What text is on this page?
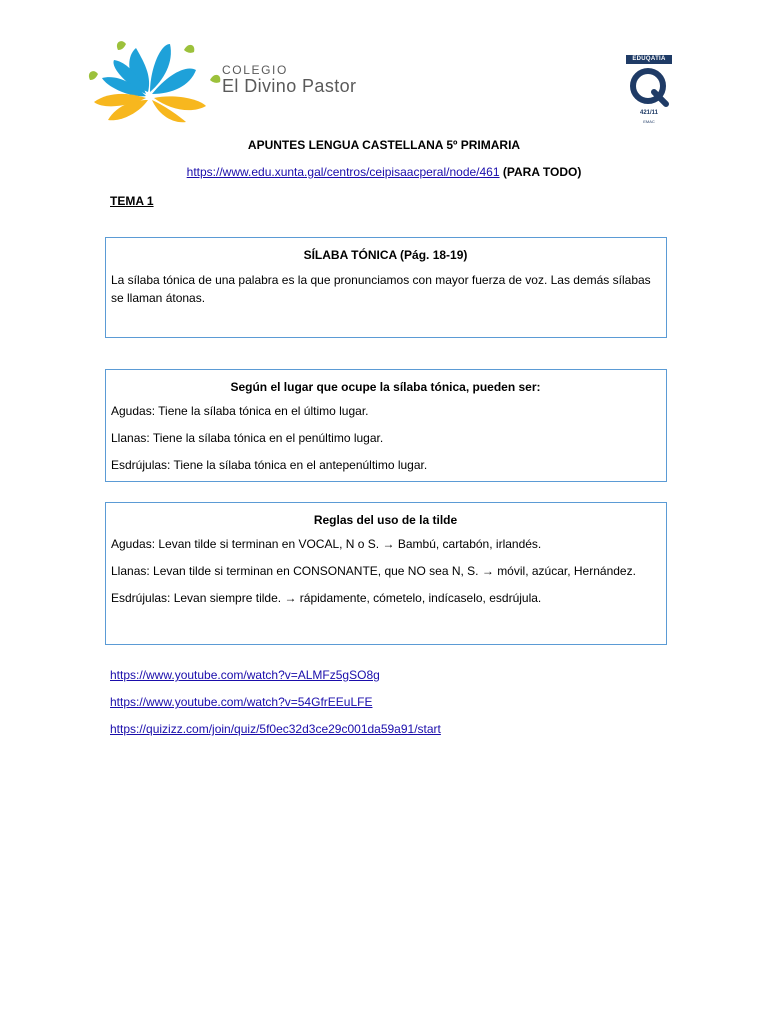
COLEGIO
El Divino Pastor
EDUQATIA
421/11
EMAC
APUNTES LENGUA CASTELLANA 5º PRIMARIA
https://www.edu.xunta.gal/centros/ceipisaacperal/node/461 (PARA TODO)
TEMA 1
SÍLABA TÓNICA (Pág. 18-19)

La sílaba tónica de una palabra es la que pronunciamos con mayor fuerza de voz. Las demás sílabas se llaman átonas.

Según el lugar que ocupe la sílaba tónica, pueden ser:

Agudas: Tiene la sílaba tónica en el último lugar.

Llanas: Tiene la sílaba tónica en el penúltimo lugar.

Esdrújulas: Tiene la sílaba tónica en el antepenúltimo lugar.

Reglas del uso de la tilde

Agudas: Levan tilde si terminan en VOCAL, N o S. → Bambú, cartabón, irlandés.

Llanas: Levan tilde si terminan en CONSONANTE, que NO sea N, S. → móvil, azúcar, Hernández.

Esdrújulas: Levan siempre tilde. → rápidamente, cómetelo, indícaselo, esdrújula.

https://www.youtube.com/watch?v=ALMFz5gSO8g
https://www.youtube.com/watch?v=54GfrEEuLFE
https://quizizz.com/join/quiz/5f0ec32d3ce29c001da59a91/start
